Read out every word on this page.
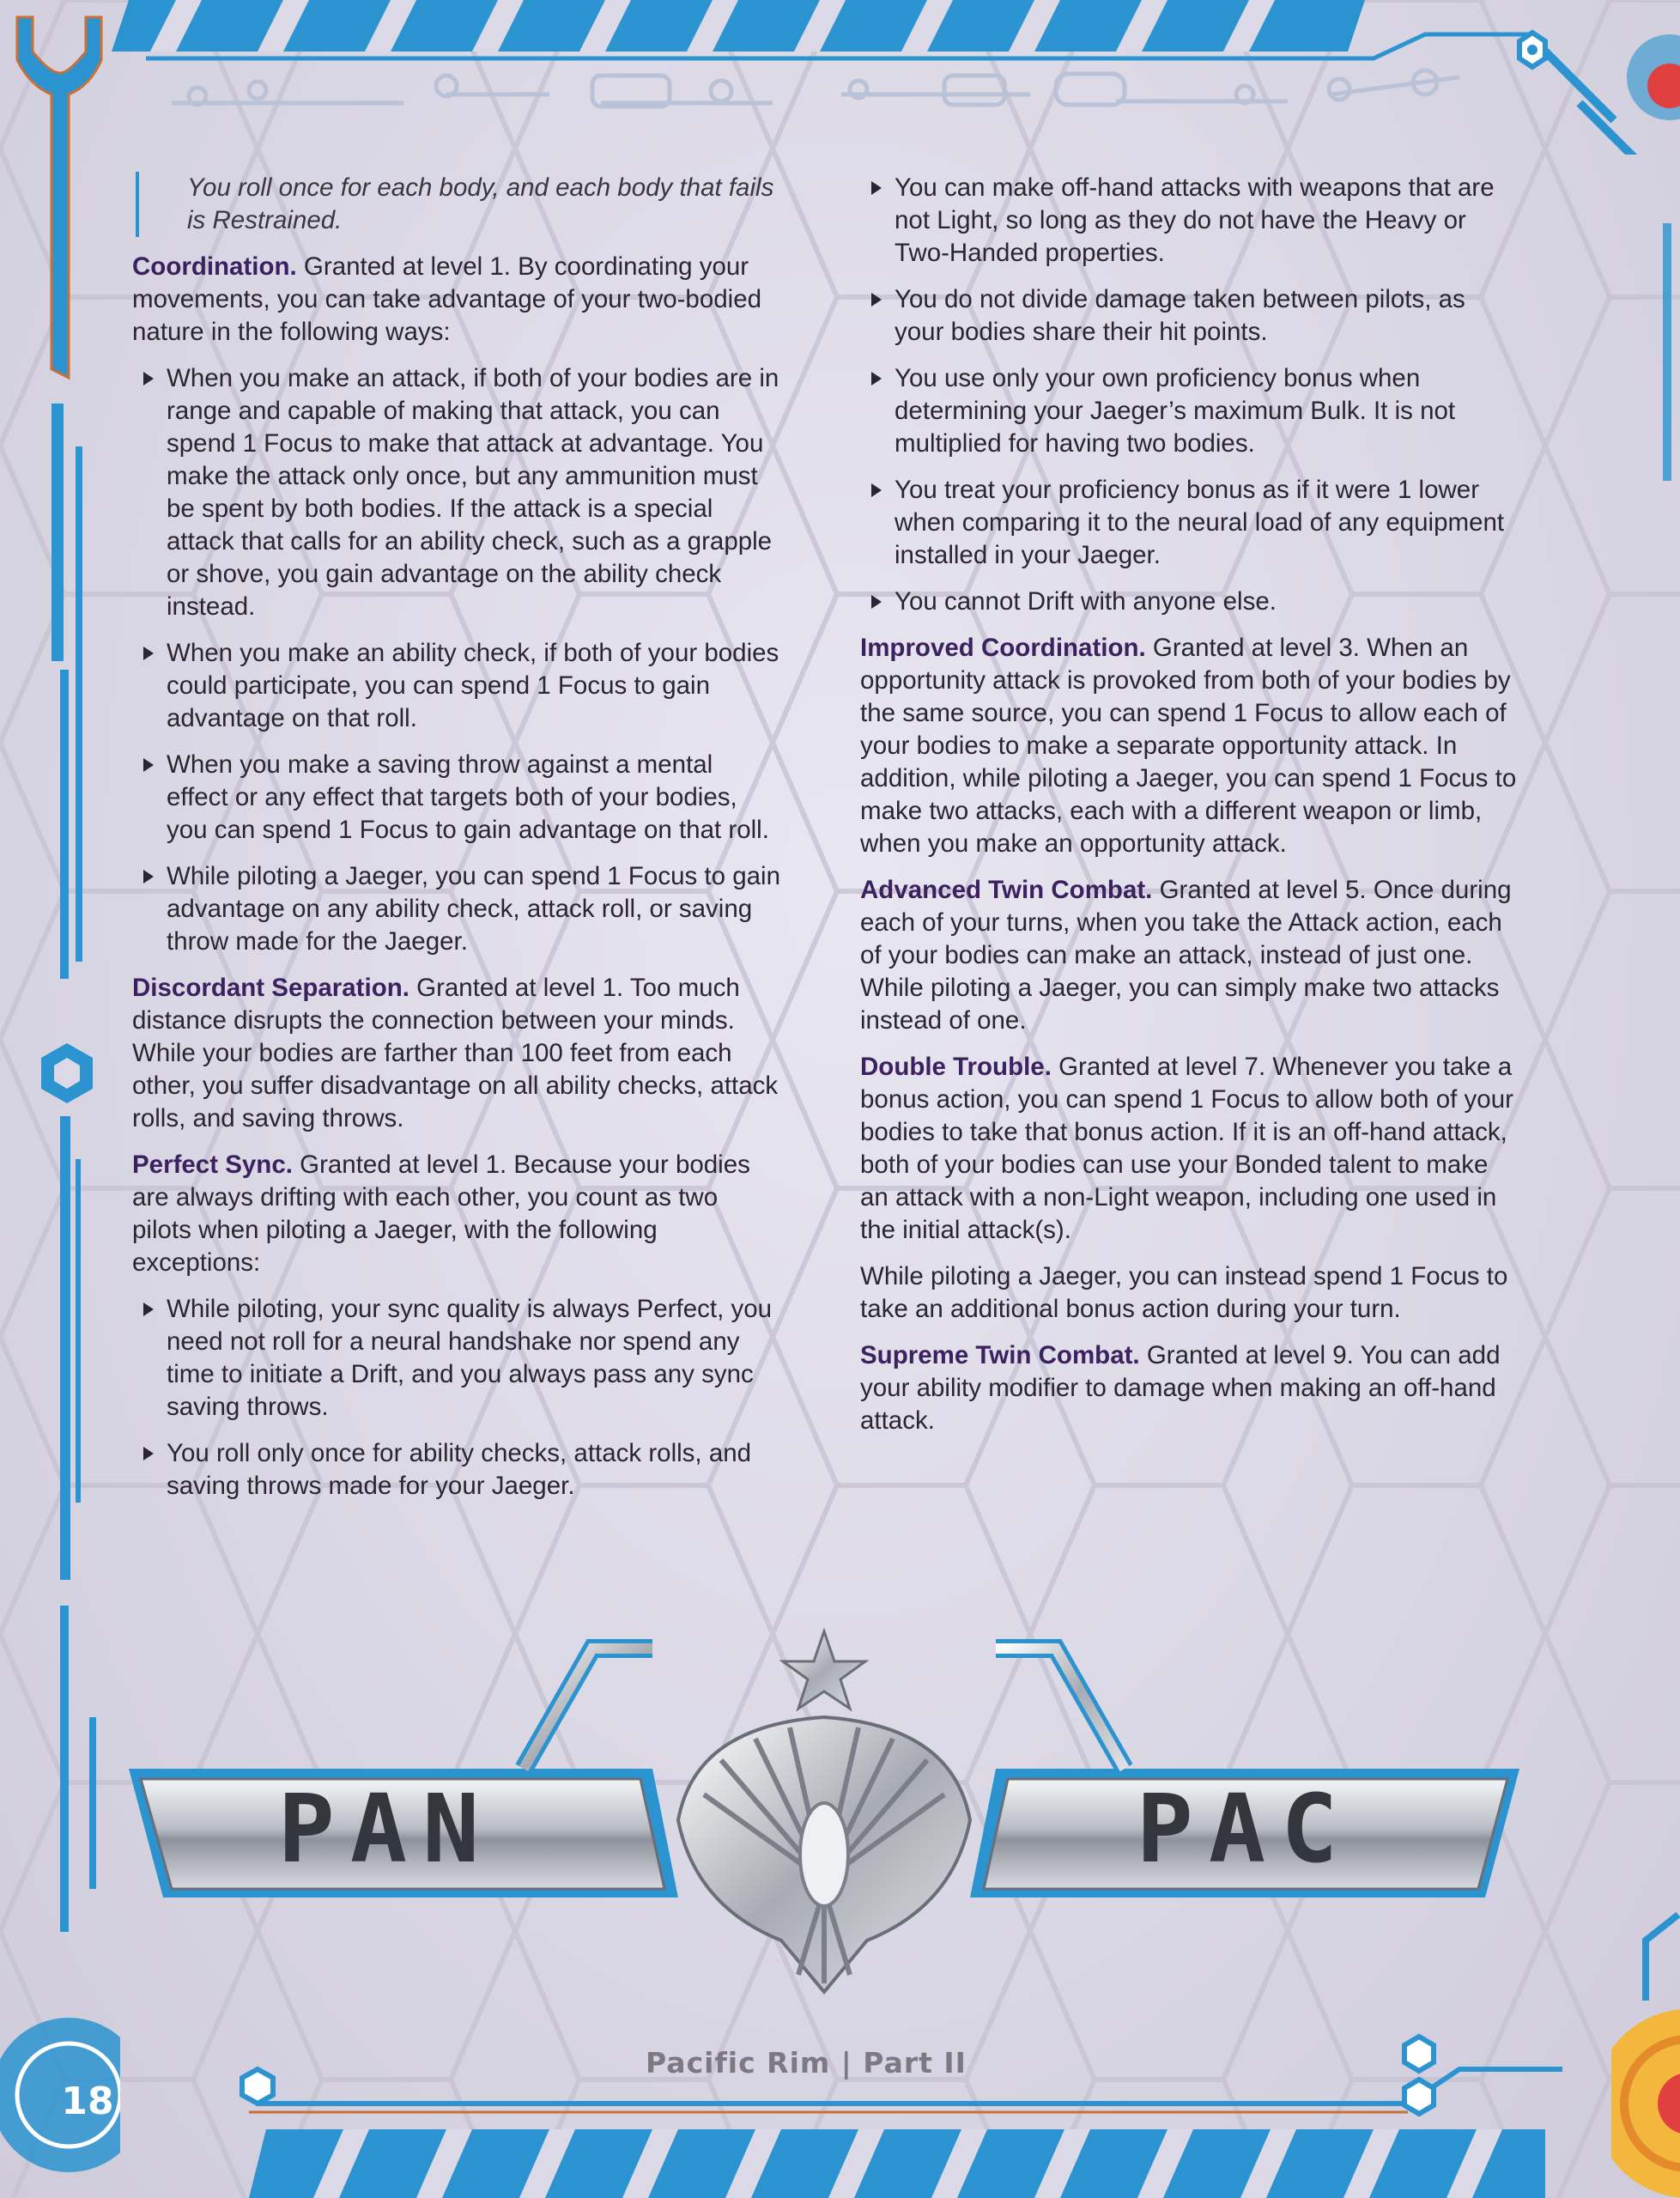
You roll once for each body, and each body that fails is Restrained.

Coordination. Granted at level 1. By coordinating your movements, you can take advantage of your two-bodied nature in the following ways:

When you make an attack, if both of your bodies are in range and capable of making that attack, you can spend 1 Focus to make that attack at advantage. You make the attack only once, but any ammunition must be spent by both bodies. If the attack is a special attack that calls for an ability check, such as a grapple or shove, you gain advantage on the ability check instead.
When you make an ability check, if both of your bodies could participate, you can spend 1 Focus to gain advantage on that roll.
When you make a saving throw against a mental effect or any effect that targets both of your bodies, you can spend 1 Focus to gain advantage on that roll.
While piloting a Jaeger, you can spend 1 Focus to gain advantage on any ability check, attack roll, or saving throw made for the Jaeger.

Discordant Separation. Granted at level 1. Too much distance disrupts the connection between your minds. While your bodies are farther than 100 feet from each other, you suffer disadvantage on all ability checks, attack rolls, and saving throws.

Perfect Sync. Granted at level 1. Because your bodies are always drifting with each other, you count as two pilots when piloting a Jaeger, with the following exceptions:

While piloting, your sync quality is always Perfect, you need not roll for a neural handshake nor spend any time to initiate a Drift, and you always pass any sync saving throws.
You roll only once for ability checks, attack rolls, and saving throws made for your Jaeger.
You can make off-hand attacks with weapons that are not Light, so long as they do not have the Heavy or Two-Handed properties.
You do not divide damage taken between pilots, as your bodies share their hit points.
You use only your own proficiency bonus when determining your Jaeger’s maximum Bulk. It is not multiplied for having two bodies.
You treat your proficiency bonus as if it were 1 lower when comparing it to the neural load of any equipment installed in your Jaeger.
You cannot Drift with anyone else.

Improved Coordination. Granted at level 3. When an opportunity attack is provoked from both of your bodies by the same source, you can spend 1 Focus to allow each of your bodies to make a separate opportunity attack. In addition, while piloting a Jaeger, you can spend 1 Focus to make two attacks, each with a different weapon or limb, when you make an opportunity attack.

Advanced Twin Combat. Granted at level 5. Once during each of your turns, when you take the Attack action, each of your bodies can make an attack, instead of just one. While piloting a Jaeger, you can simply make two attacks instead of one.

Double Trouble. Granted at level 7. Whenever you take a bonus action, you can spend 1 Focus to allow both of your bodies to take that bonus action. If it is an off-hand attack, both of your bodies can use your Bonded talent to make an attack with a non-Light weapon, including one used in the initial attack(s).

While piloting a Jaeger, you can instead spend 1 Focus to take an additional bonus action during your turn.

Supreme Twin Combat. Granted at level 9. You can add your ability modifier to damage when making an off-hand attack.

PAN	PAC
Pacific Rim | Part II
18
